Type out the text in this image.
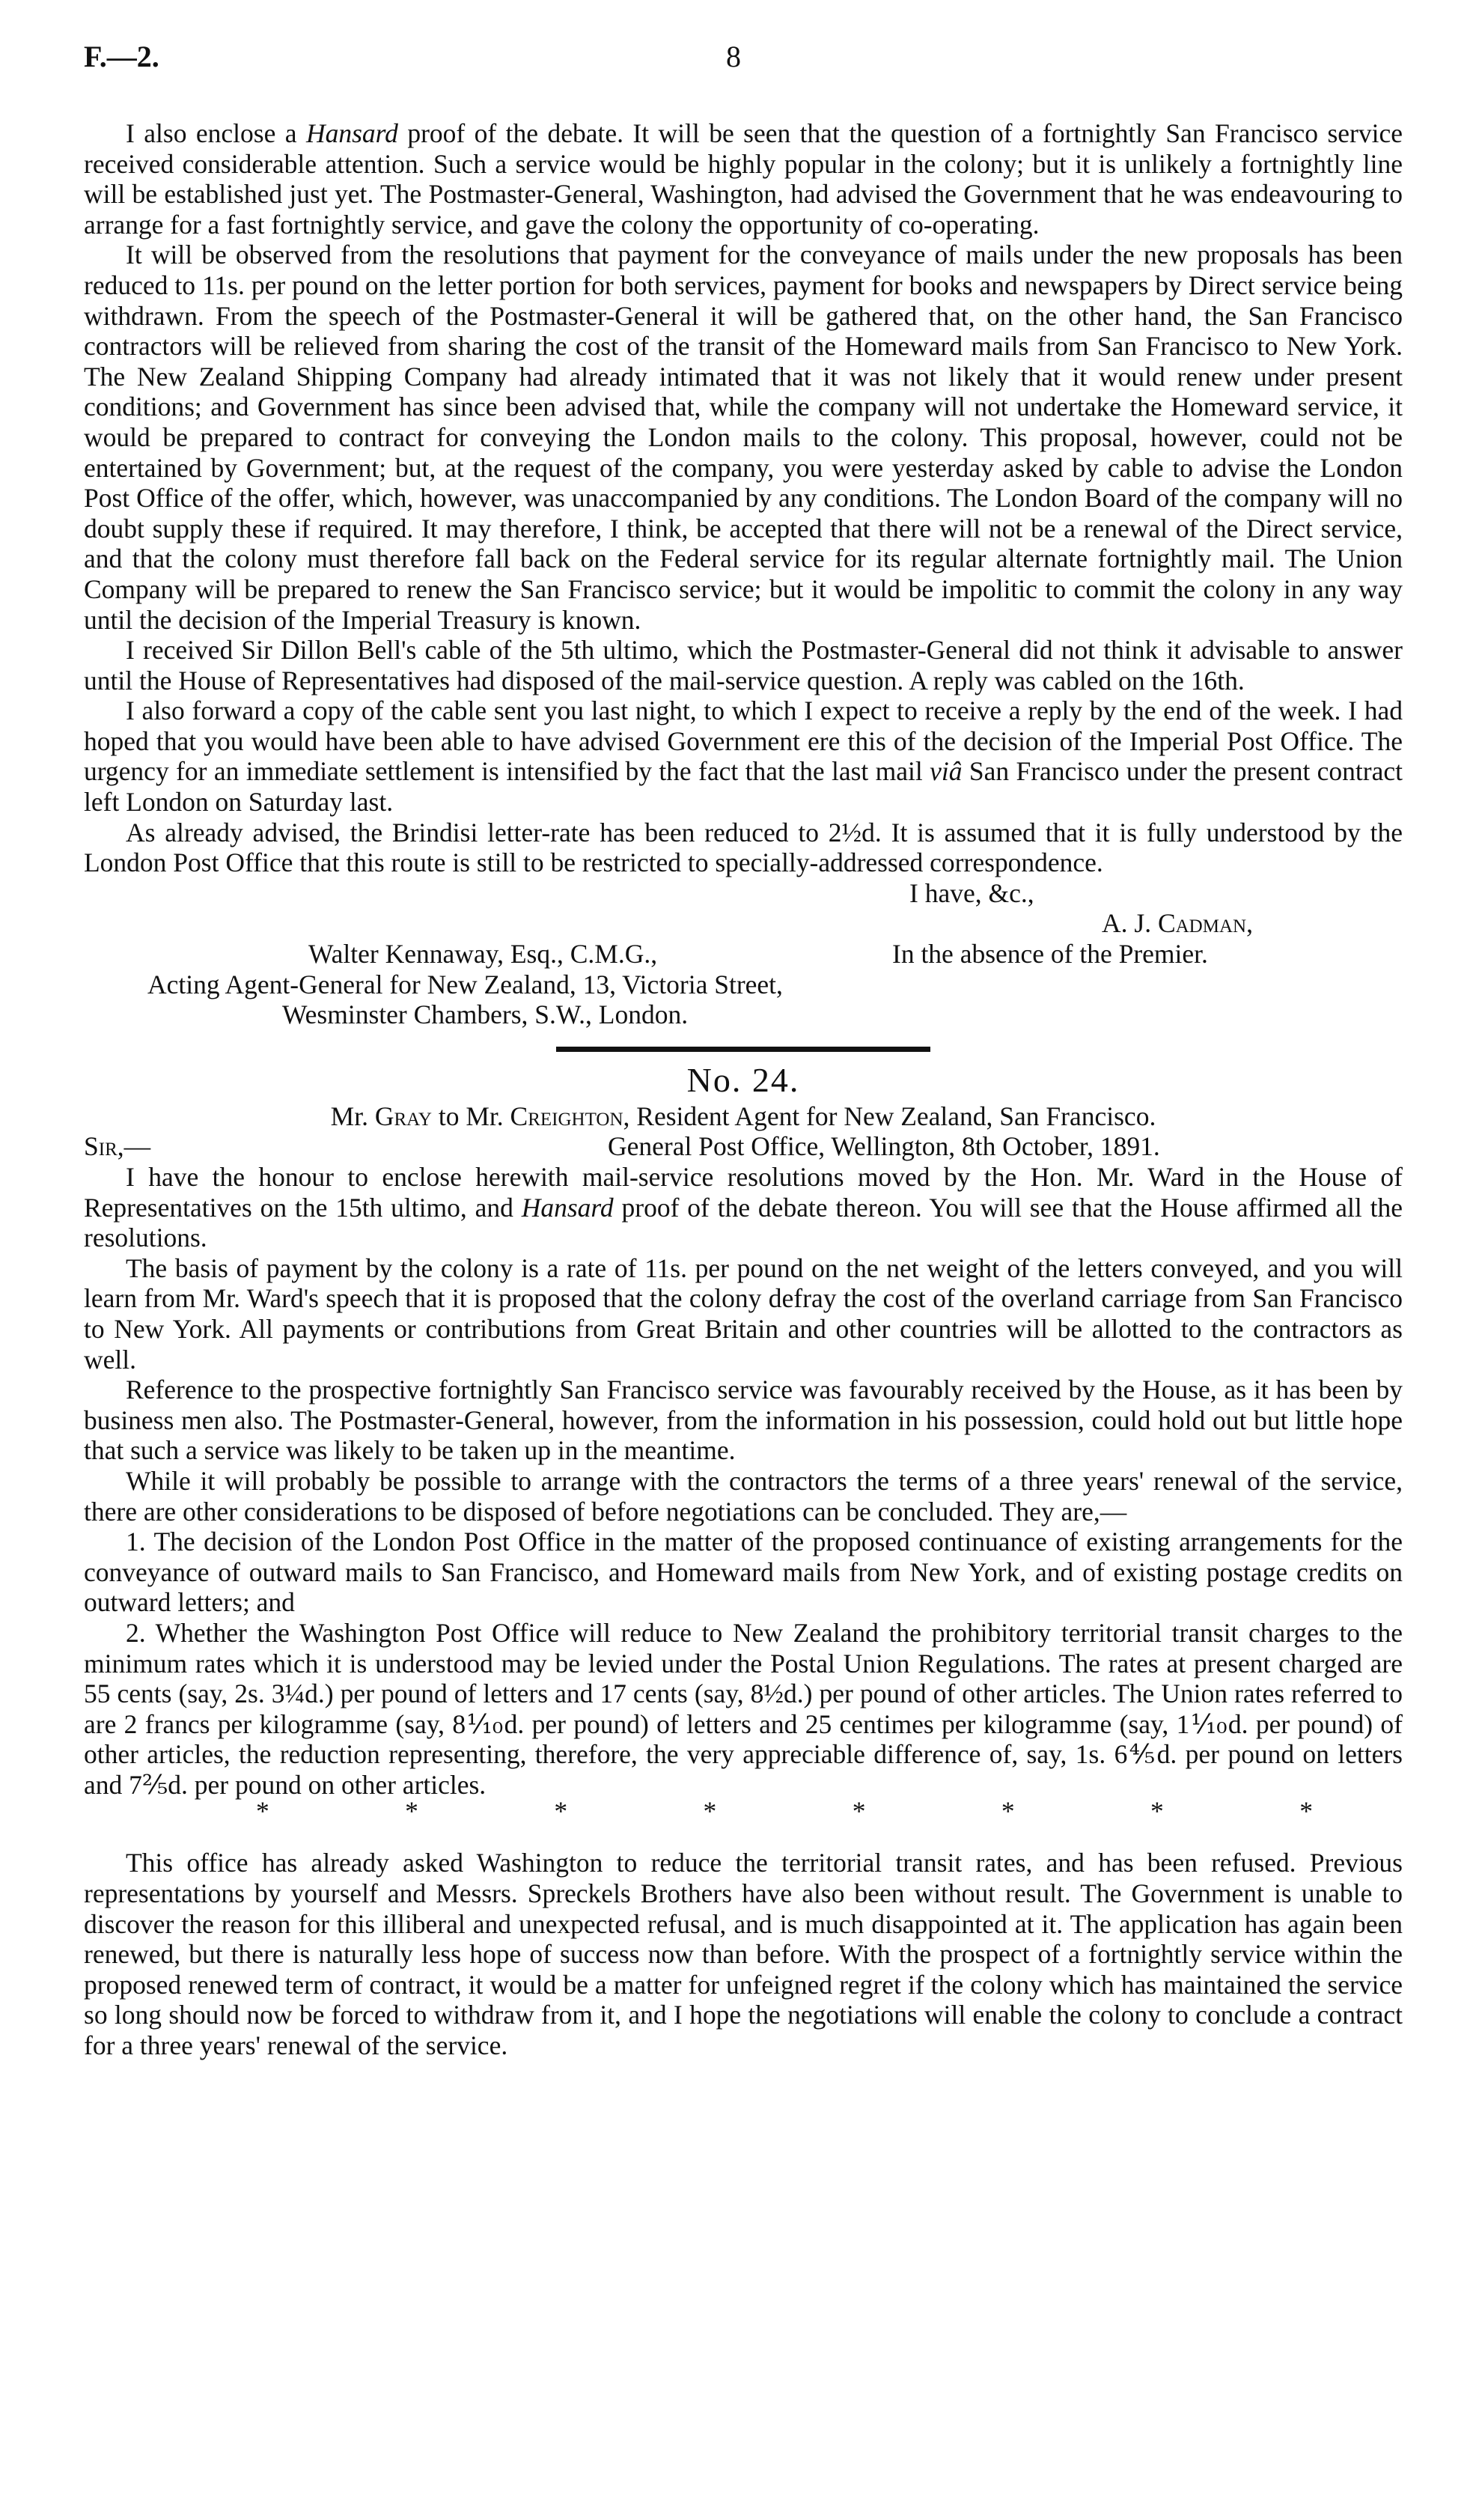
F.—2.	8

I also enclose a Hansard proof of the debate. It will be seen that the question of a fortnightly San Francisco service received considerable attention. Such a service would be highly popular in the colony; but it is unlikely a fortnightly line will be established just yet. The Postmaster-General, Washington, had advised the Government that he was endeavouring to arrange for a fast fortnightly service, and gave the colony the opportunity of co-operating.

It will be observed from the resolutions that payment for the conveyance of mails under the new proposals has been reduced to 11s. per pound on the letter portion for both services, payment for books and newspapers by Direct service being withdrawn. From the speech of the Postmaster-General it will be gathered that, on the other hand, the San Francisco contractors will be relieved from sharing the cost of the transit of the Homeward mails from San Francisco to New York. The New Zealand Shipping Company had already intimated that it was not likely that it would renew under present conditions; and Government has since been advised that, while the company will not undertake the Homeward service, it would be prepared to contract for conveying the London mails to the colony. This proposal, however, could not be entertained by Government; but, at the request of the company, you were yesterday asked by cable to advise the London Post Office of the offer, which, however, was unaccompanied by any conditions. The London Board of the company will no doubt supply these if required. It may therefore, I think, be accepted that there will not be a renewal of the Direct service, and that the colony must therefore fall back on the Federal service for its regular alternate fortnightly mail. The Union Company will be prepared to renew the San Francisco service; but it would be impolitic to commit the colony in any way until the decision of the Imperial Treasury is known.

I received Sir Dillon Bell's cable of the 5th ultimo, which the Postmaster-General did not think it advisable to answer until the House of Representatives had disposed of the mail-service question. A reply was cabled on the 16th.

I also forward a copy of the cable sent you last night, to which I expect to receive a reply by the end of the week. I had hoped that you would have been able to have advised Government ere this of the decision of the Imperial Post Office. The urgency for an immediate settlement is intensified by the fact that the last mail viâ San Francisco under the present contract left London on Saturday last.

As already advised, the Brindisi letter-rate has been reduced to 2½d. It is assumed that it is fully understood by the London Post Office that this route is still to be restricted to specially-addressed correspondence.

I have, &c.,
A. J. Cadman,
Walter Kennaway, Esq., C.M.G.,	In the absence of the Premier.
Acting Agent-General for New Zealand, 13, Victoria Street,
Wesminster Chambers, S.W., London.
No. 24.
Mr. Gray to Mr. Creighton, Resident Agent for New Zealand, San Francisco.
Sir,—	General Post Office, Wellington, 8th October, 1891.

I have the honour to enclose herewith mail-service resolutions moved by the Hon. Mr. Ward in the House of Representatives on the 15th ultimo, and Hansard proof of the debate thereon. You will see that the House affirmed all the resolutions.

The basis of payment by the colony is a rate of 11s. per pound on the net weight of the letters conveyed, and you will learn from Mr. Ward's speech that it is proposed that the colony defray the cost of the overland carriage from San Francisco to New York. All payments or contributions from Great Britain and other countries will be allotted to the contractors as well.

Reference to the prospective fortnightly San Francisco service was favourably received by the House, as it has been by business men also. The Postmaster-General, however, from the information in his possession, could hold out but little hope that such a service was likely to be taken up in the meantime.

While it will probably be possible to arrange with the contractors the terms of a three years' renewal of the service, there are other considerations to be disposed of before negotiations can be concluded. They are,—

1. The decision of the London Post Office in the matter of the proposed continuance of existing arrangements for the conveyance of outward mails to San Francisco, and Homeward mails from New York, and of existing postage credits on outward letters; and

2. Whether the Washington Post Office will reduce to New Zealand the prohibitory territorial transit charges to the minimum rates which it is understood may be levied under the Postal Union Regulations. The rates at present charged are 55 cents (say, 2s. 3¼d.) per pound of letters and 17 cents (say, 8½d.) per pound of other articles. The Union rates referred to are 2 francs per kilogramme (say, 8⅒d. per pound) of letters and 25 centimes per kilogramme (say, 1⅒d. per pound) of other articles, the reduction representing, therefore, the very appreciable difference of, say, 1s. 6⅘d. per pound on letters and 7⅖d. per pound on other articles.

*	*	*	*	*	*	*	*

This office has already asked Washington to reduce the territorial transit rates, and has been refused. Previous representations by yourself and Messrs. Spreckels Brothers have also been without result. The Government is unable to discover the reason for this illiberal and unexpected refusal, and is much disappointed at it. The application has again been renewed, but there is naturally less hope of success now than before. With the prospect of a fortnightly service within the proposed renewed term of contract, it would be a matter for unfeigned regret if the colony which has maintained the service so long should now be forced to withdraw from it, and I hope the negotiations will enable the colony to conclude a contract for a three years' renewal of the service.
